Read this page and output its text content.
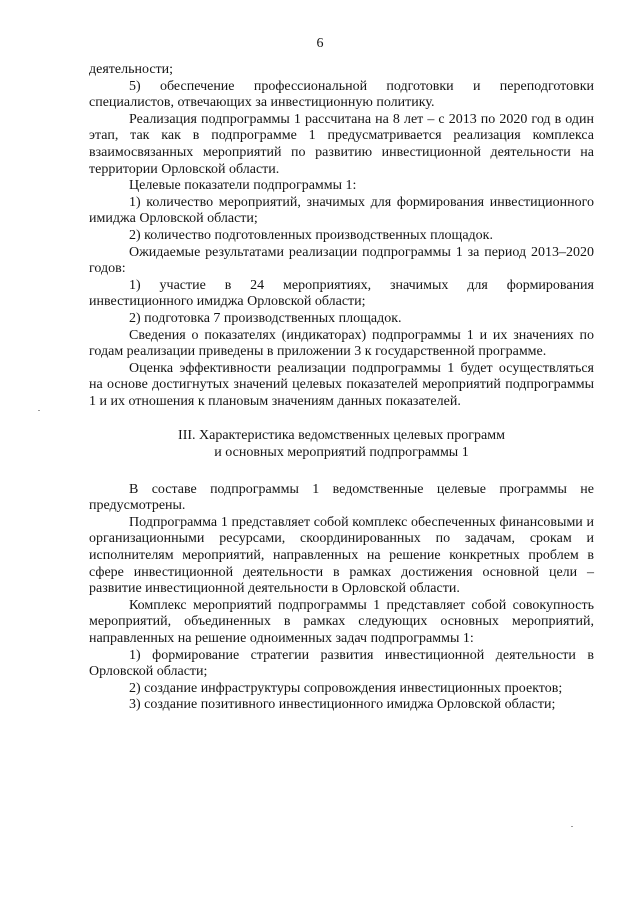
6

деятельности;

5) обеспечение профессиональной подготовки и переподготовки специалистов, отвечающих за инвестиционную политику.

Реализация подпрограммы 1 рассчитана на 8 лет – с 2013 по 2020 год в один этап, так как в подпрограмме 1 предусматривается реализация комплекса взаимосвязанных мероприятий по развитию инвестиционной деятельности на территории Орловской области.

Целевые показатели подпрограммы 1:

1) количество мероприятий, значимых для формирования инвестиционного имиджа Орловской области;

2) количество подготовленных производственных площадок.

Ожидаемые результатами реализации подпрограммы 1 за период 2013–2020 годов:

1) участие в 24 мероприятиях, значимых для формирования инвестиционного имиджа Орловской области;

2) подготовка 7 производственных площадок.

Сведения о показателях (индикаторах) подпрограммы 1 и их значениях по годам реализации приведены в приложении 3 к государственной программе.

Оценка эффективности реализации подпрограммы 1 будет осуществляться на основе достигнутых значений целевых показателей мероприятий подпрограммы 1 и их отношения к плановым значениям данных показателей.

III. Характеристика ведомственных целевых программ
и основных мероприятий подпрограммы 1

В составе подпрограммы 1 ведомственные целевые программы не предусмотрены.

Подпрограмма 1 представляет собой комплекс обеспеченных финансовыми и организационными ресурсами, скоординированных по задачам, срокам и исполнителям мероприятий, направленных на решение конкретных проблем в сфере инвестиционной деятельности в рамках достижения основной цели – развитие инвестиционной деятельности в Орловской области.

Комплекс мероприятий подпрограммы 1 представляет собой совокупность мероприятий, объединенных в рамках следующих основных мероприятий, направленных на решение одноименных задач подпрограммы 1:

1) формирование стратегии развития инвестиционной деятельности в Орловской области;

2) создание инфраструктуры сопровождения инвестиционных проектов;

3) создание позитивного инвестиционного имиджа Орловской области;
